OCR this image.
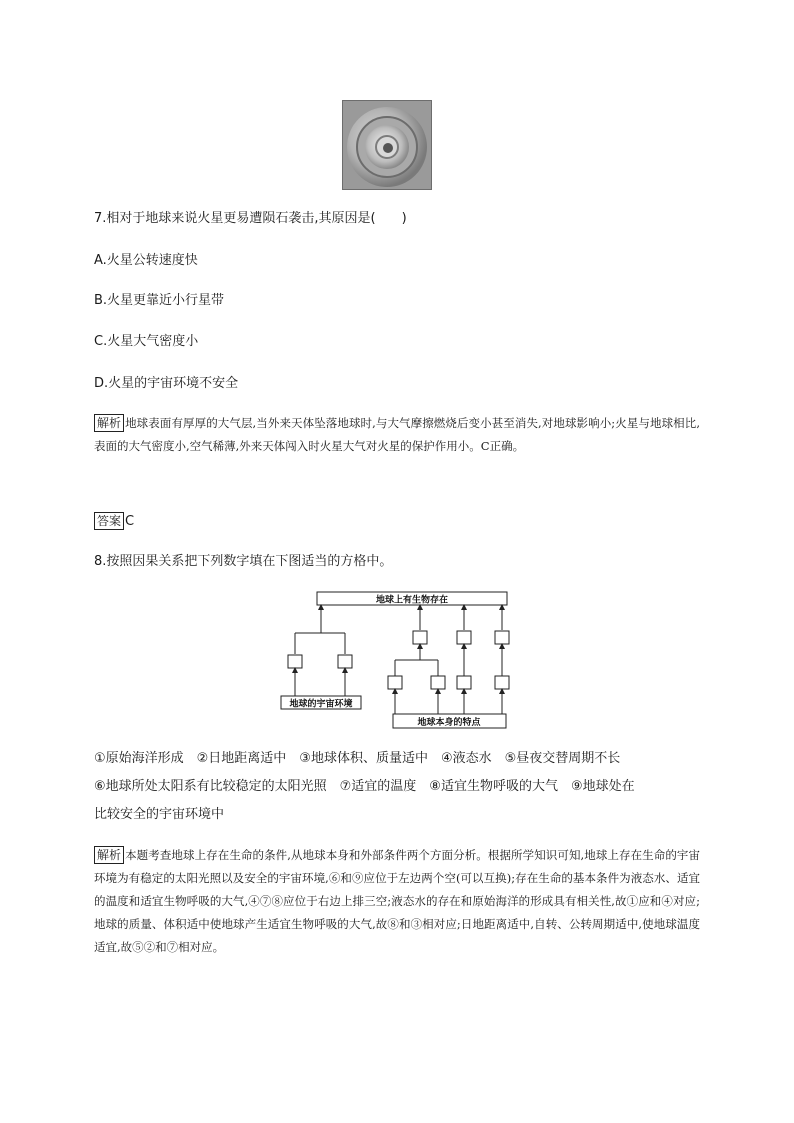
7.相对于地球来说火星更易遭陨石袭击,其原因是(　　)
A.火星公转速度快
B.火星更靠近小行星带
C.火星大气密度小
D.火星的宇宙环境不安全
解析 地球表面有厚厚的大气层,当外来天体坠落地球时,与大气摩擦燃烧后变小甚至消失,对地球影响小;火星与地球相比,表面的大气密度小,空气稀薄,外来天体闯入时火星大气对火星的保护作用小。C正确。
答案 C
8.按照因果关系把下列数字填在下图适当的方格中。
地球上有生物存在
地球的宇宙环境
地球本身的特点
①原始海洋形成　②日地距离适中　③地球体积、质量适中　④液态水　⑤昼夜交替周期不长
⑥地球所处太阳系有比较稳定的太阳光照　⑦适宜的温度　⑧适宜生物呼吸的大气　⑨地球处在
比较安全的宇宙环境中
解析 本题考查地球上存在生命的条件,从地球本身和外部条件两个方面分析。根据所学知识可知,地球上存在生命的宇宙环境为有稳定的太阳光照以及安全的宇宙环境,⑥和⑨应位于左边两个空(可以互换);存在生命的基本条件为液态水、适宜的温度和适宜生物呼吸的大气,④⑦⑧应位于右边上排三空;液态水的存在和原始海洋的形成具有相关性,故①应和④对应;地球的质量、体积适中使地球产生适宜生物呼吸的大气,故⑧和③相对应;日地距离适中,自转、公转周期适中,使地球温度适宜,故⑤②和⑦相对应。
